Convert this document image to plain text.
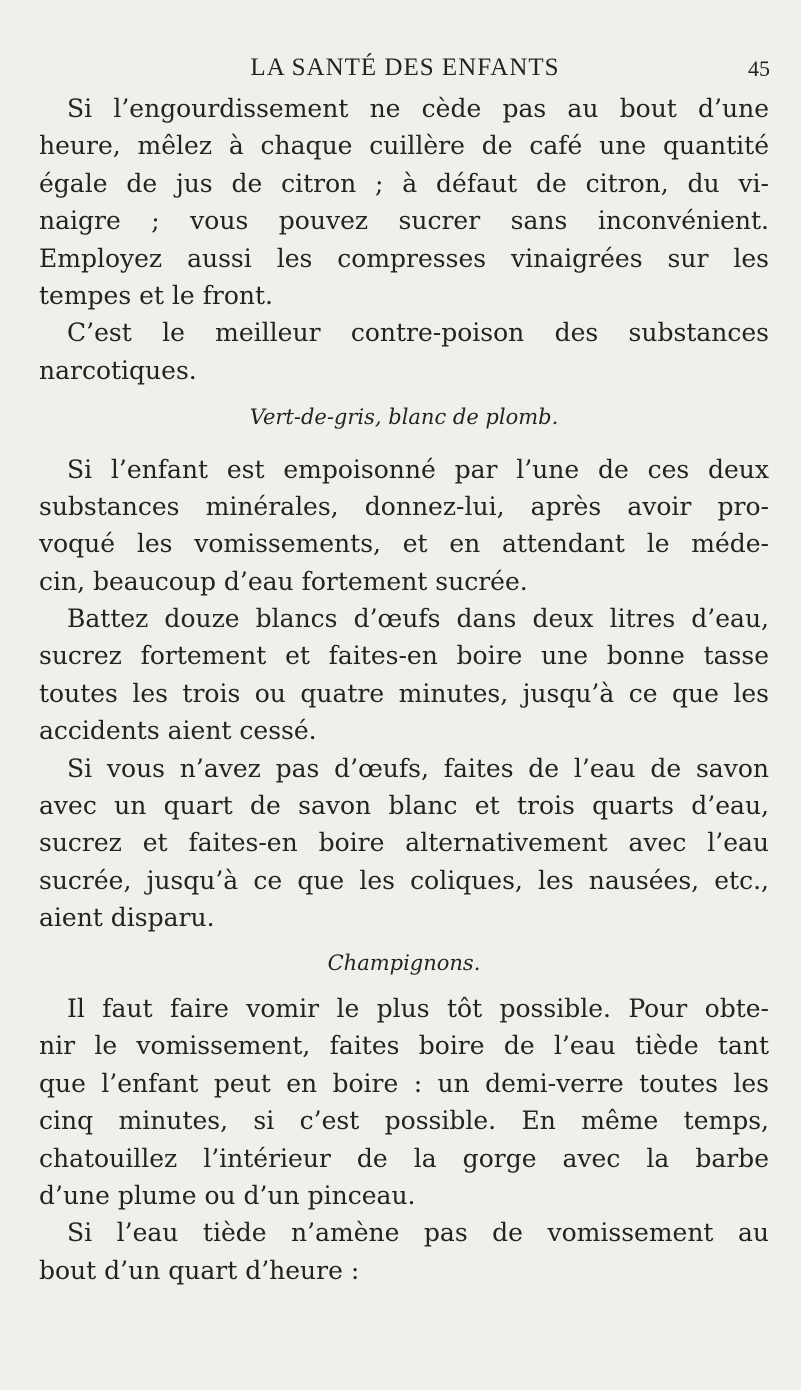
LA SANTÉ DES ENFANTS	45
Si l’engourdissement ne cède pas au bout d’une
heure, mêlez à chaque cuillère de café une quantité
égale de jus de citron ; à défaut de citron, du vi-
naigre ; vous pouvez sucrer sans inconvénient.
Employez aussi les compresses vinaigrées sur les
tempes et le front.
C’est le meilleur contre-poison des substances
narcotiques.
Vert-de-gris, blanc de plomb.
Si l’enfant est empoisonné par l’une de ces deux
substances minérales, donnez-lui, après avoir pro-
voqué les vomissements, et en attendant le méde-
cin, beaucoup d’eau fortement sucrée.
Battez douze blancs d’œufs dans deux litres d’eau,
sucrez fortement et faites-en boire une bonne tasse
toutes les trois ou quatre minutes, jusqu’à ce que les
accidents aient cessé.
Si vous n’avez pas d’œufs, faites de l’eau de savon
avec un quart de savon blanc et trois quarts d’eau,
sucrez et faites-en boire alternativement avec l’eau
sucrée, jusqu’à ce que les coliques, les nausées, etc.,
aient disparu.
Champignons.
Il faut faire vomir le plus tôt possible. Pour obte-
nir le vomissement, faites boire de l’eau tiède tant
que l’enfant peut en boire : un demi-verre toutes les
cinq minutes, si c’est possible. En même temps,
chatouillez l’intérieur de la gorge avec la barbe
d’une plume ou d’un pinceau.
Si l’eau tiède n’amène pas de vomissement au
bout d’un quart d’heure :
